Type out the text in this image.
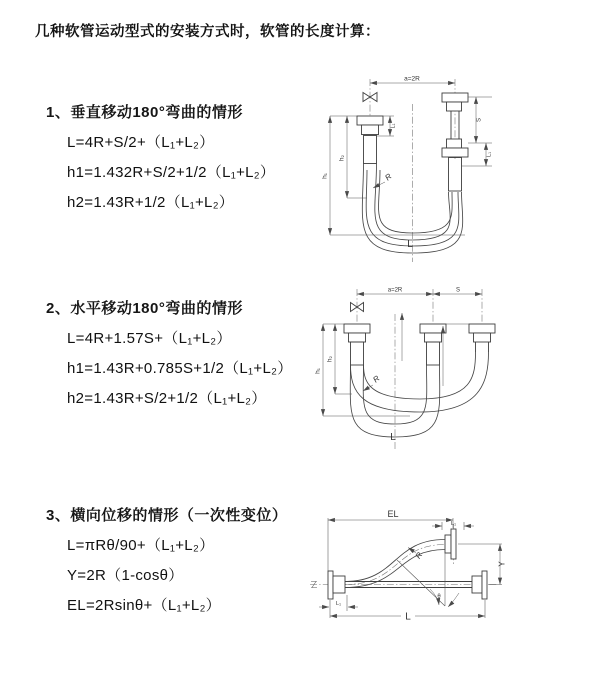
几种软管运动型式的安装方式时，软管的长度计算：
1、垂直移动180°弯曲的情形
L=4R+S/2+（L₁+L₂）
h1=1.432R+S/2+1/2（L₁+L₂）
h2=1.43R+1/2（L₁+L₂）
2、水平移动180°弯曲的情形
L=4R+1.57S+（L₁+L₂）
h1=1.43R+0.785S+1/2（L₁+L₂）
h2=1.43R+S/2+1/2（L₁+L₂）
3、横向位移的情形（一次性变位）
L=πRθ/90+（L₁+L₂）
Y=2R（1-cosθ）
EL=2Rsinθ+（L₁+L₂）
a=2R
S
L₁
L₁
h₁
h₂
R
L
a=2R	S
h₁
h₂
R
L
EL
L₁
θ
R
Y
L
L₁
